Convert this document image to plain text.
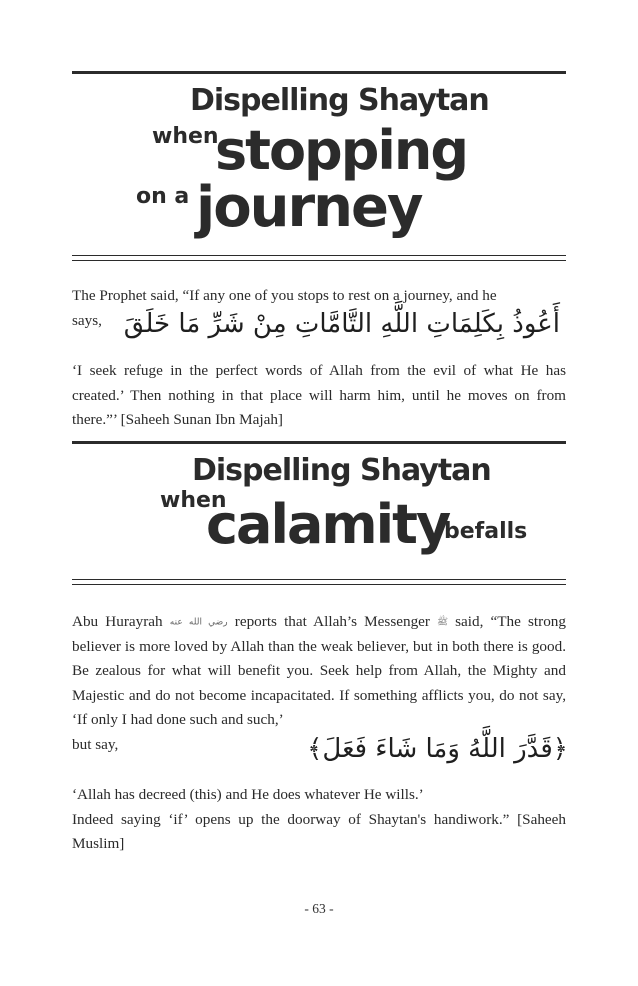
Dispelling Shaytan
when
stopping
on a journey

The Prophet said, “If any one of you stops to rest on a journey, and he

says, أَعُوذُ بِكَلِمَاتِ اللَّهِ التَّامَّاتِ مِنْ شَرِّ مَا خَلَقَ
‘I seek refuge in the perfect words of Allah from the evil of what He has created.’ Then nothing in that place will harm him, until he moves on from there.”’ [Saheeh Sunan Ibn Majah]
Dispelling Shaytan
when
calamity
befalls

Abu Hurayrah رضي الله عنه reports that Allah’s Messenger ﷺ said, “The strong believer is more loved by Allah than the weak believer, but in both there is good. Be zealous for what will benefit you. Seek help from Allah, the Mighty and Majestic and do not become incapacitated. If something afflicts you, do not say, ‘If only I had done such and such,’

but say,	﴿قَدَّرَ اللَّهُ وَمَا شَاءَ فَعَلَ﴾

‘Allah has decreed (this) and He does whatever He wills.’

Indeed saying ‘if’ opens up the doorway of Shaytan's handiwork.” [Saheeh Muslim]

- 63 -
